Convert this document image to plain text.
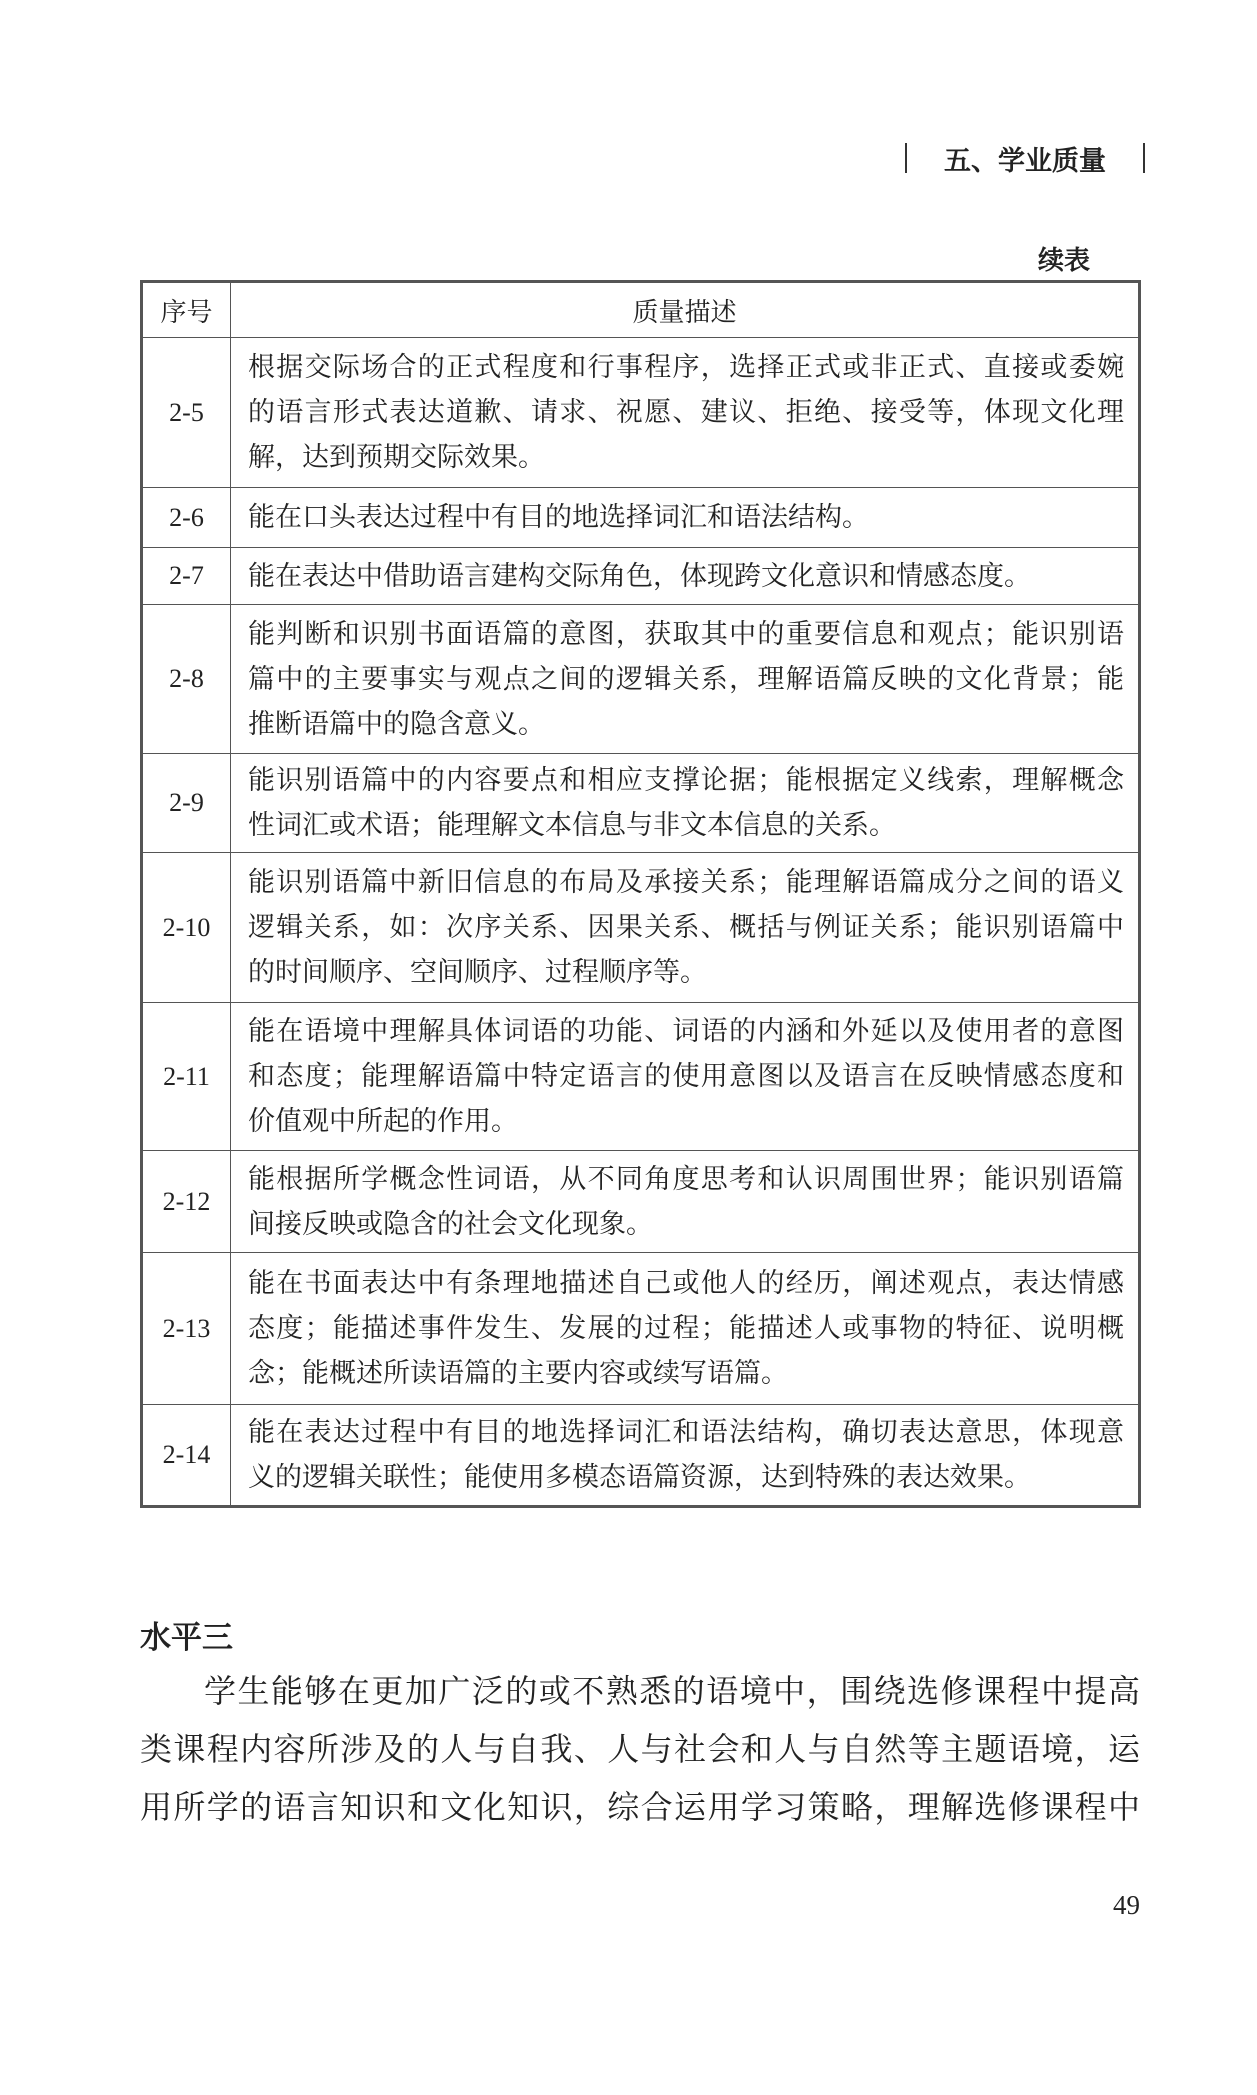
五、学业质量
续表
序号	质量描述
2-5	根据交际场合的正式程度和行事程序，选择正式或非正式、直接或委婉
的语言形式表达道歉、请求、祝愿、建议、拒绝、接受等，体现文化理
解，达到预期交际效果。

2-6	能在口头表达过程中有目的地选择词汇和语法结构。

2-7	能在表达中借助语言建构交际角色，体现跨文化意识和情感态度。

2-8	能判断和识别书面语篇的意图，获取其中的重要信息和观点；能识别语
篇中的主要事实与观点之间的逻辑关系，理解语篇反映的文化背景；能
推断语篇中的隐含意义。

2-9	能识别语篇中的内容要点和相应支撑论据；能根据定义线索，理解概念
性词汇或术语；能理解文本信息与非文本信息的关系。

2-10	能识别语篇中新旧信息的布局及承接关系；能理解语篇成分之间的语义
逻辑关系，如：次序关系、因果关系、概括与例证关系；能识别语篇中
的时间顺序、空间顺序、过程顺序等。

2-11	能在语境中理解具体词语的功能、词语的内涵和外延以及使用者的意图
和态度；能理解语篇中特定语言的使用意图以及语言在反映情感态度和
价值观中所起的作用。

2-12	能根据所学概念性词语，从不同角度思考和认识周围世界；能识别语篇
间接反映或隐含的社会文化现象。

2-13	能在书面表达中有条理地描述自己或他人的经历，阐述观点，表达情感
态度；能描述事件发生、发展的过程；能描述人或事物的特征、说明概
念；能概述所读语篇的主要内容或续写语篇。

2-14	能在表达过程中有目的地选择词汇和语法结构，确切表达意思，体现意
义的逻辑关联性；能使用多模态语篇资源，达到特殊的表达效果。
水平三
学生能够在更加广泛的或不熟悉的语境中，围绕选修课程中提高
类课程内容所涉及的人与自我、人与社会和人与自然等主题语境，运
用所学的语言知识和文化知识，综合运用学习策略，理解选修课程中
49
